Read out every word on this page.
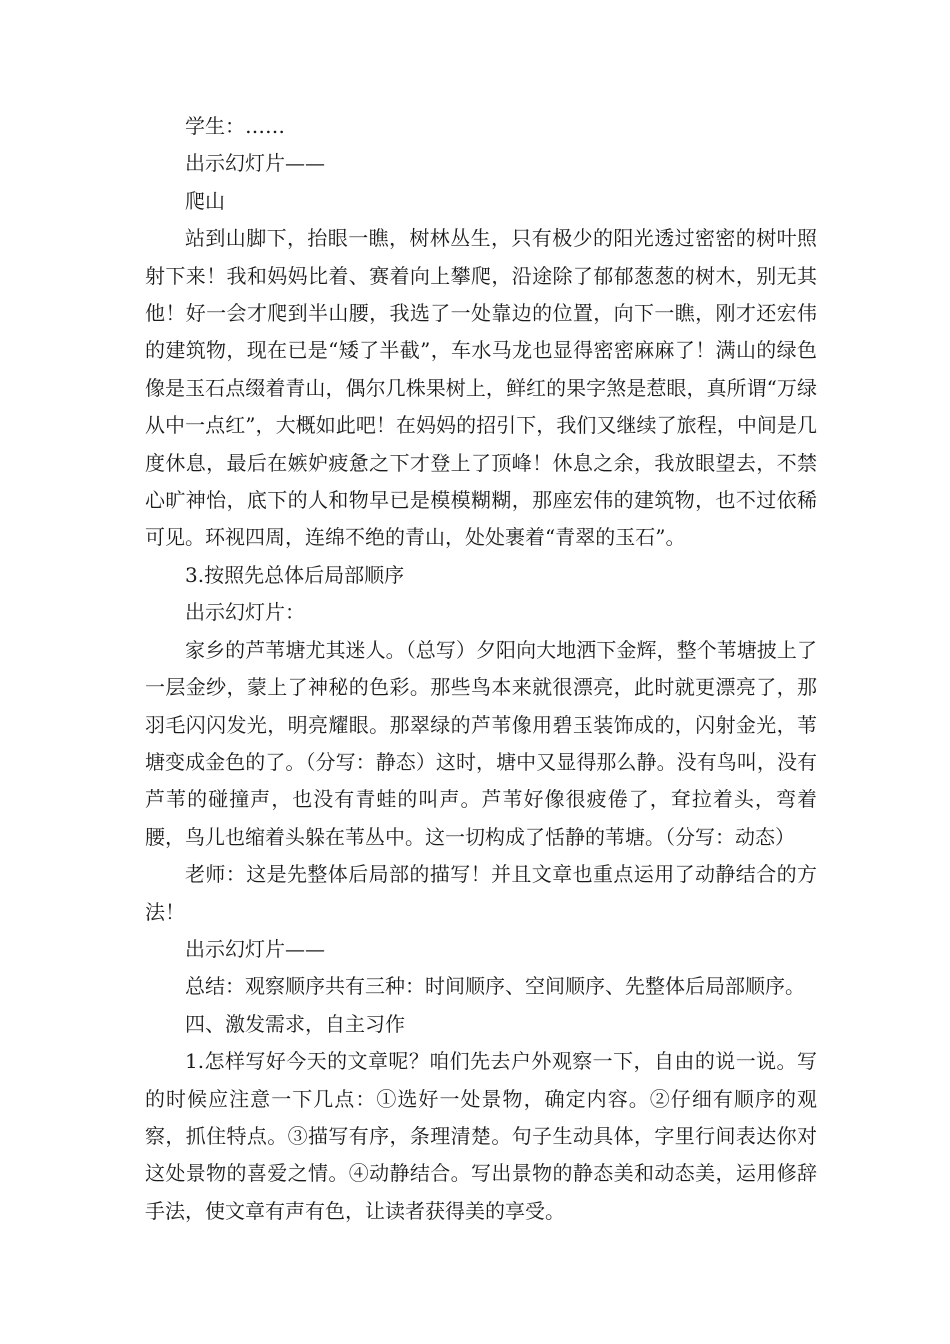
学生：……

出示幻灯片——

爬山

站到山脚下，抬眼一瞧，树林丛生，只有极少的阳光透过密密的树叶照射下来！我和妈妈比着、赛着向上攀爬，沿途除了郁郁葱葱的树木，别无其他！好一会才爬到半山腰，我选了一处靠边的位置，向下一瞧，刚才还宏伟的建筑物，现在已是“矮了半截”，车水马龙也显得密密麻麻了！满山的绿色像是玉石点缀着青山，偶尔几株果树上，鲜红的果字煞是惹眼，真所谓“万绿从中一点红”，大概如此吧！在妈妈的招引下，我们又继续了旅程，中间是几度休息，最后在嫉妒疲惫之下才登上了顶峰！休息之余，我放眼望去，不禁心旷神怡，底下的人和物早已是模模糊糊，那座宏伟的建筑物，也不过依稀可见。环视四周，连绵不绝的青山，处处裹着“青翠的玉石”。

3.按照先总体后局部顺序

出示幻灯片：

家乡的芦苇塘尤其迷人。（总写）夕阳向大地洒下金辉，整个苇塘披上了一层金纱，蒙上了神秘的色彩。那些鸟本来就很漂亮，此时就更漂亮了，那羽毛闪闪发光，明亮耀眼。那翠绿的芦苇像用碧玉装饰成的，闪射金光，苇塘变成金色的了。（分写：静态）这时，塘中又显得那么静。没有鸟叫，没有芦苇的碰撞声，也没有青蛙的叫声。芦苇好像很疲倦了，耷拉着头，弯着腰，鸟儿也缩着头躲在苇丛中。这一切构成了恬静的苇塘。（分写：动态）

老师：这是先整体后局部的描写！并且文章也重点运用了动静结合的方法！

出示幻灯片——

总结：观察顺序共有三种：时间顺序、空间顺序、先整体后局部顺序。

四、激发需求，自主习作

1.怎样写好今天的文章呢？咱们先去户外观察一下，自由的说一说。写的时候应注意一下几点：①选好一处景物，确定内容。②仔细有顺序的观察，抓住特点。③描写有序，条理清楚。句子生动具体，字里行间表达你对这处景物的喜爱之情。④动静结合。写出景物的静态美和动态美，运用修辞手法，使文章有声有色，让读者获得美的享受。
